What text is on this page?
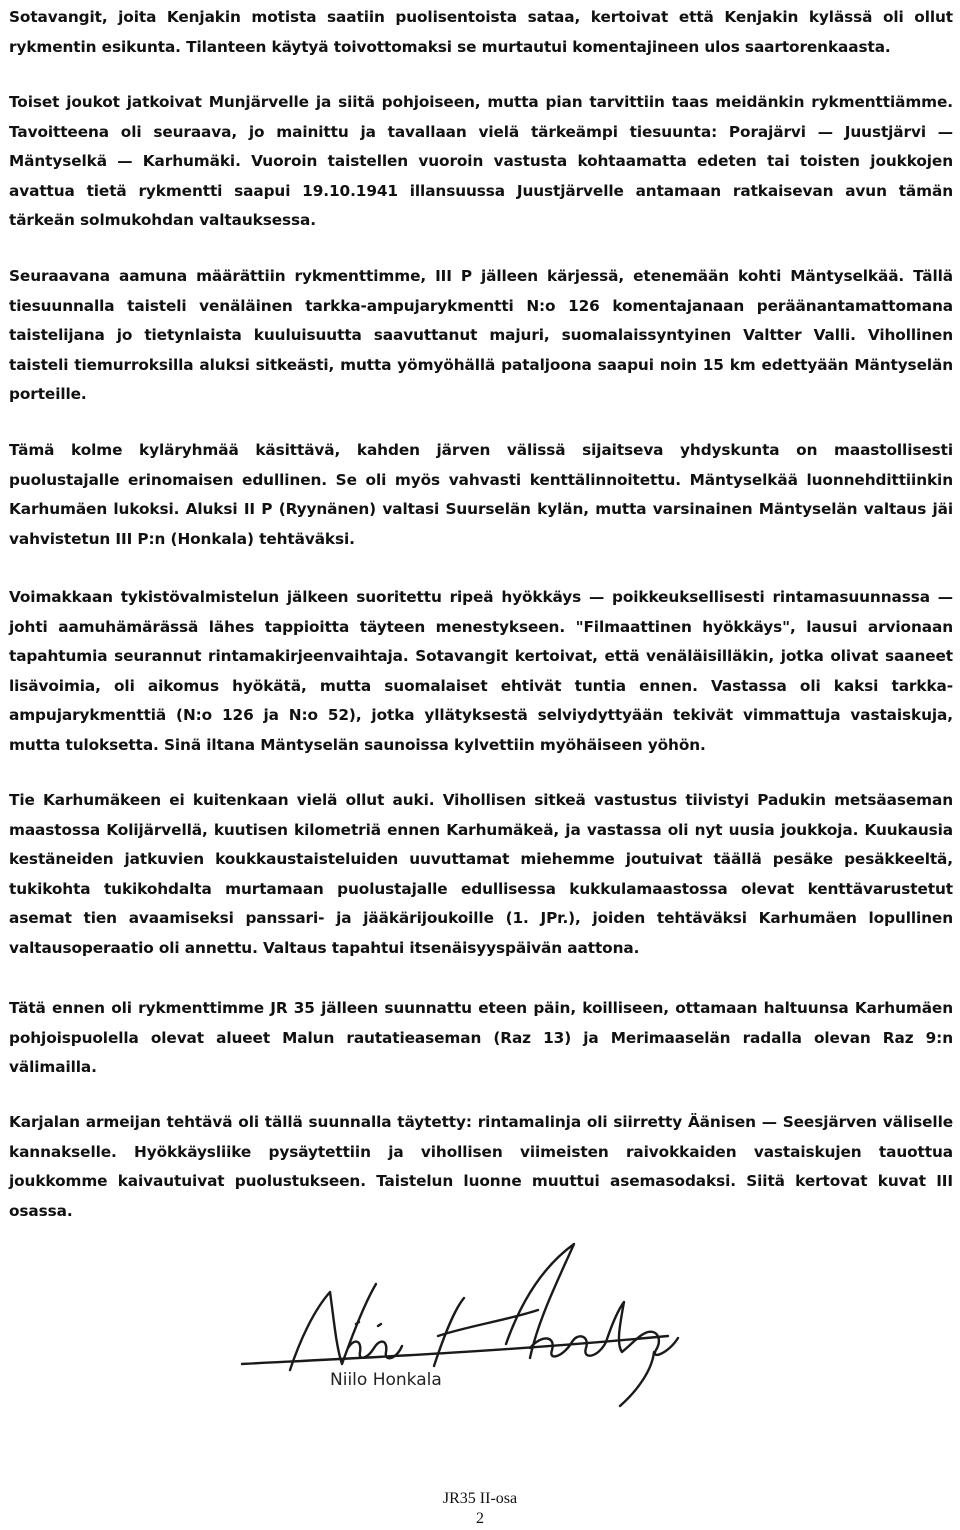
Sotavangit, joita Kenjakin motista saatiin puolisentoista sataa, kertoivat että Kenjakin kylässä oli ollut rykmentin esikunta. Tilanteen käytyä toivottomaksi se murtautui komentajineen ulos saartorenkaasta.

Toiset joukot jatkoivat Munjärvelle ja siitä pohjoiseen, mutta pian tarvittiin taas meidänkin rykmenttiämme. Tavoitteena oli seuraava, jo mainittu ja tavallaan vielä tärkeämpi tiesuunta: Porajärvi — Juustjärvi — Mäntyselkä — Karhumäki. Vuoroin taistellen vuoroin vastusta kohtaamatta edeten tai toisten joukkojen avattua tietä rykmentti saapui 19.10.1941 illansuussa Juustjärvelle antamaan ratkaisevan avun tämän tärkeän solmukohdan valtauksessa.

Seuraavana aamuna määrättiin rykmenttimme, III P jälleen kärjessä, etenemään kohti Mäntyselkää. Tällä tiesuunnalla taisteli venäläinen tarkka-ampujarykmentti N:o 126 komentajanaan peräänantamattomana taistelijana jo tietynlaista kuuluisuutta saavuttanut majuri, suomalaissyntyinen Valtter Valli. Vihollinen taisteli tiemurroksilla aluksi sitkeästi, mutta yömyöhällä pataljoona saapui noin 15 km edettyään Mäntyselän porteille.

Tämä kolme kyläryhmää käsittävä, kahden järven välissä sijaitseva yhdyskunta on maastollisesti puolustajalle erinomaisen edullinen. Se oli myös vahvasti kenttälinnoitettu. Mäntyselkää luonnehdittiinkin Karhumäen lukoksi. Aluksi II P (Ryynänen) valtasi Suurselän kylän, mutta varsinainen Mäntyselän valtaus jäi vahvistetun III P:n (Honkala) tehtäväksi.

Voimakkaan tykistövalmistelun jälkeen suoritettu ripeä hyökkäys — poikkeuksellisesti rintamasuunnassa — johti aamuhämärässä lähes tappioitta täyteen menestykseen. "Filmaattinen hyökkäys", lausui arvionaan tapahtumia seurannut rintamakirjeenvaihtaja. Sotavangit kertoivat, että venäläisilläkin, jotka olivat saaneet lisävoimia, oli aikomus hyökätä, mutta suomalaiset ehtivät tuntia ennen. Vastassa oli kaksi tarkka-ampujarykmenttiä (N:o 126 ja N:o 52), jotka yllätyksestä selviydyttyään tekivät vimmattuja vastaiskuja, mutta tuloksetta. Sinä iltana Mäntyselän saunoissa kylvettiin myöhäiseen yöhön.

Tie Karhumäkeen ei kuitenkaan vielä ollut auki. Vihollisen sitkeä vastustus tiivistyi Padukin metsäaseman maastossa Kolijärvellä, kuutisen kilometriä ennen Karhumäkeä, ja vastassa oli nyt uusia joukkoja. Kuukausia kestäneiden jatkuvien koukkaustaisteluiden uuvuttamat miehemme joutuivat täällä pesäke pesäkkeeltä, tukikohta tukikohdalta murtamaan puolustajalle edullisessa kukkulamaastossa olevat kenttävarustetut asemat tien avaamiseksi panssari- ja jääkärijoukoille (1. JPr.), joiden tehtäväksi Karhumäen lopullinen valtausoperaatio oli annettu. Valtaus tapahtui itsenäisyyspäivän aattona.

Tätä ennen oli rykmenttimme JR 35 jälleen suunnattu eteen päin, koilliseen, ottamaan haltuunsa Karhumäen pohjoispuolella olevat alueet Malun rautatieaseman (Raz 13) ja Merimaaselän radalla olevan Raz 9:n välimailla.

Karjalan armeijan tehtävä oli tällä suunnalla täytetty: rintamalinja oli siirretty Äänisen — Seesjärven väliselle kannakselle. Hyökkäysliike pysäytettiin ja vihollisen viimeisten raivokkaiden vastaiskujen tauottua joukkomme kaivautuivat puolustukseen. Taistelun luonne muuttui asemasodaksi. Siitä kertovat kuvat III osassa.

Niilo Honkala
JR35 II-osa
2
